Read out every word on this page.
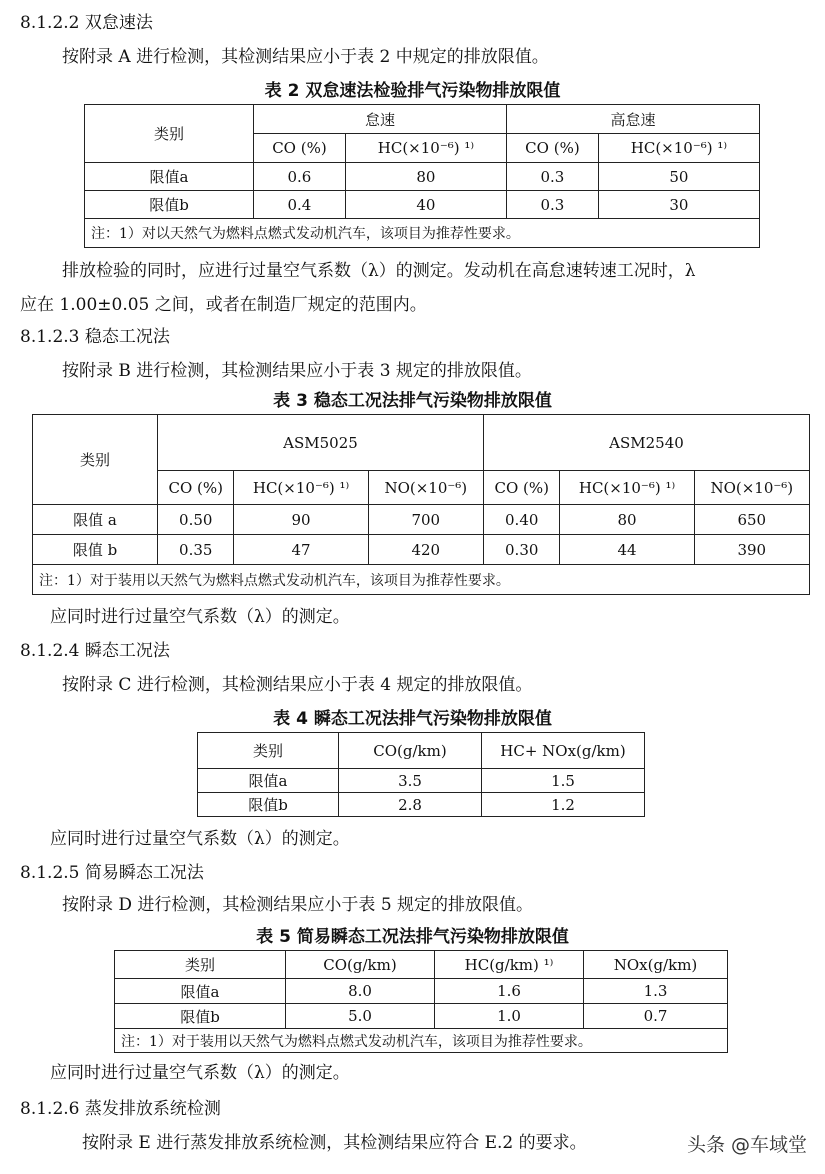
8.1.2.2 双怠速法
按附录 A 进行检测，其检测结果应小于表 2 中规定的排放限值。
表 2 双怠速法检验排气污染物排放限值
类别	怠速		高怠速	
	CO (%)	HC(×10⁻⁶) ¹⁾	CO (%)	HC(×10⁻⁶) ¹⁾
限值a	0.6	80	0.3	50
限值b	0.4	40	0.3	30
注：1）对以天然气为燃料点燃式发动机汽车，该项目为推荐性要求。				
排放检验的同时，应进行过量空气系数（λ）的测定。发动机在高怠速转速工况时，λ
应在 1.00±0.05 之间，或者在制造厂规定的范围内。
8.1.2.3 稳态工况法
按附录 B 进行检测，其检测结果应小于表 3 规定的排放限值。
表 3 稳态工况法排气污染物排放限值
类别	ASM5025			ASM2540		
	CO (%)	HC(×10⁻⁶) ¹⁾	NO(×10⁻⁶)	CO (%)	HC(×10⁻⁶) ¹⁾	NO(×10⁻⁶)
限值 a	0.50	90	700	0.40	80	650
限值 b	0.35	47	420	0.30	44	390
注：1）对于装用以天然气为燃料点燃式发动机汽车，该项目为推荐性要求。						
应同时进行过量空气系数（λ）的测定。
8.1.2.4 瞬态工况法
按附录 C 进行检测，其检测结果应小于表 4 规定的排放限值。
表 4 瞬态工况法排气污染物排放限值
类别	CO(g/km)	HC+ NOx(g/km)
限值a	3.5	1.5
限值b	2.8	1.2
应同时进行过量空气系数（λ）的测定。
8.1.2.5 简易瞬态工况法
按附录 D 进行检测，其检测结果应小于表 5 规定的排放限值。
表 5 简易瞬态工况法排气污染物排放限值
类别	CO(g/km)	HC(g/km) ¹⁾	NOx(g/km)
限值a	8.0	1.6	1.3
限值b	5.0	1.0	0.7
注：1）对于装用以天然气为燃料点燃式发动机汽车，该项目为推荐性要求。			
应同时进行过量空气系数（λ）的测定。
8.1.2.6 蒸发排放系统检测
按附录 E 进行蒸发排放系统检测，其检测结果应符合 E.2 的要求。	头条 @车域堂
